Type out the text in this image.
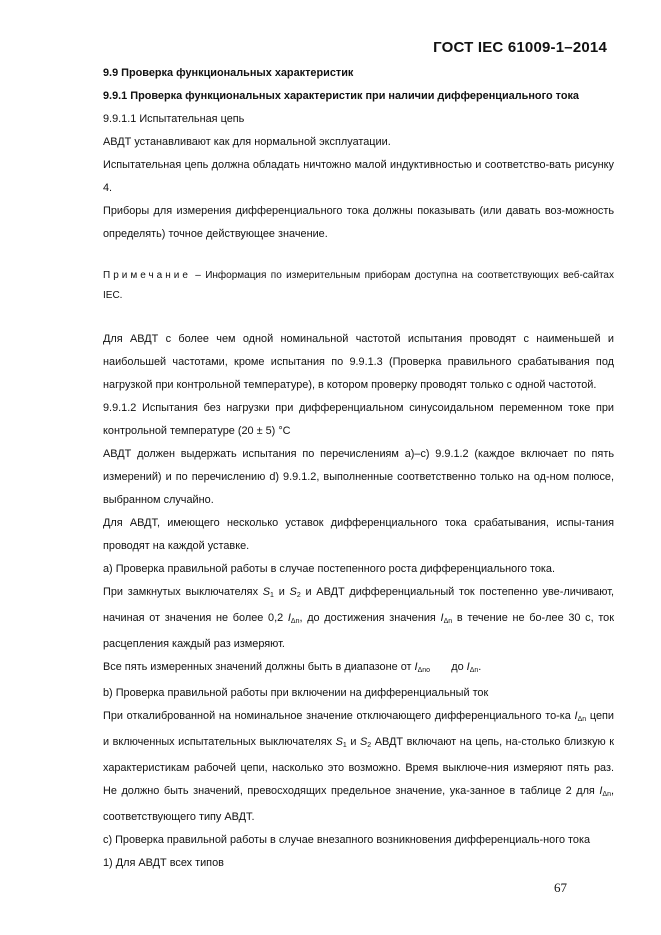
ГОСТ IEC 61009-1–2014

9.9 Проверка функциональных характеристик

9.9.1 Проверка функциональных характеристик при наличии дифференциального тока

9.9.1.1 Испытательная цепь

АВДТ устанавливают как для нормальной эксплуатации.

Испытательная цепь должна обладать ничтожно малой индуктивностью и соответство-вать рисунку 4.

Приборы для измерения дифференциального тока должны показывать (или давать воз-можность определять) точное действующее значение.

Примечание – Информация по измерительным приборам доступна на соответствующих веб-сайтах IEC.

Для АВДТ с более чем одной номинальной частотой испытания проводят с наименьшей и наибольшей частотами, кроме испытания по 9.9.1.3 (Проверка правильного срабатывания под нагрузкой при контрольной температуре), в котором проверку проводят только с одной частотой.

9.9.1.2 Испытания без нагрузки при дифференциальном синусоидальном переменном токе при контрольной температуре (20 ± 5) °С

АВДТ должен выдержать испытания по перечислениям а)–с) 9.9.1.2 (каждое включает по пять измерений) и по перечислению d) 9.9.1.2, выполненные соответственно только на од-ном полюсе, выбранном случайно.

Для АВДТ, имеющего несколько уставок дифференциального тока срабатывания, испы-тания проводят на каждой уставке.

а) Проверка правильной работы в случае постепенного роста дифференциального тока.

При замкнутых выключателях $S_1$ и $S_2$ и АВДТ дифференциальный ток постепенно уве-личивают, начиная от значения не более 0,2 $I_{\Delta n}$, до достижения значения $I_{\Delta n}$ в течение не бо-лее 30 с, ток расцепления каждый раз измеряют.

Все пять измеренных значений должны быть в диапазоне от $I_{\Delta no}$       до $I_{\Delta n}$.

b) Проверка правильной работы при включении на дифференциальный ток

При откалиброванной на номинальное значение отключающего дифференциального то-ка $I_{\Delta n}$ цепи и включенных испытательных выключателях $S_1$ и $S_2$ АВДТ включают на цепь, на-столько близкую к характеристикам рабочей цепи, насколько это возможно. Время выключе-ния измеряют пять раз. Не должно быть значений, превосходящих предельное значение, ука-занное в таблице 2 для $I_{\Delta n}$, соответствующего типу АВДТ.

с) Проверка правильной работы в случае внезапного возникновения дифференциаль-ного тока

1) Для АВДТ всех типов

67
